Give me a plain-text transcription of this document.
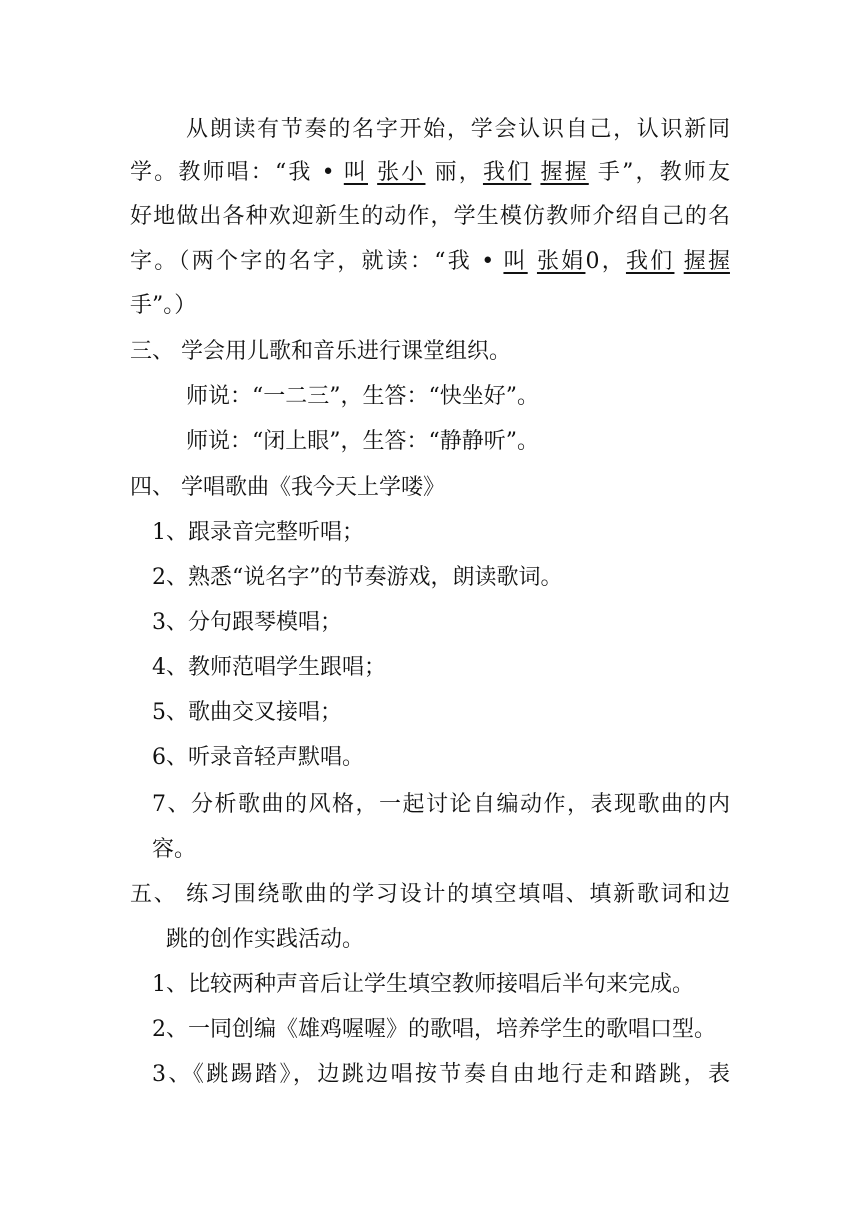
从朗读有节奏的名字开始，学会认识自己，认识新同
学。教师唱：“我 • 叫 张小 丽，我们 握握 手”，教师友
好地做出各种欢迎新生的动作，学生模仿教师介绍自己的名
字。（两个字的名字，就读：“我 • 叫 张娟0，我们 握握
手”。）
三、 学会用儿歌和音乐进行课堂组织。
师说：“一二三”，生答：“快坐好”。
师说：“闭上眼”，生答：“静静听”。
四、 学唱歌曲《我今天上学喽》
1、跟录音完整听唱；
2、熟悉“说名字”的节奏游戏，朗读歌词。
3、分句跟琴模唱；
4、教师范唱学生跟唱；
5、歌曲交叉接唱；
6、听录音轻声默唱。
7、分析歌曲的风格，一起讨论自编动作，表现歌曲的内
容。
五、 练习围绕歌曲的学习设计的填空填唱、填新歌词和边
跳的创作实践活动。
1、比较两种声音后让学生填空教师接唱后半句来完成。
2、一同创编《雄鸡喔喔》的歌唱，培养学生的歌唱口型。
3、《跳踢踏》，边跳边唱按节奏自由地行走和踏跳，表
